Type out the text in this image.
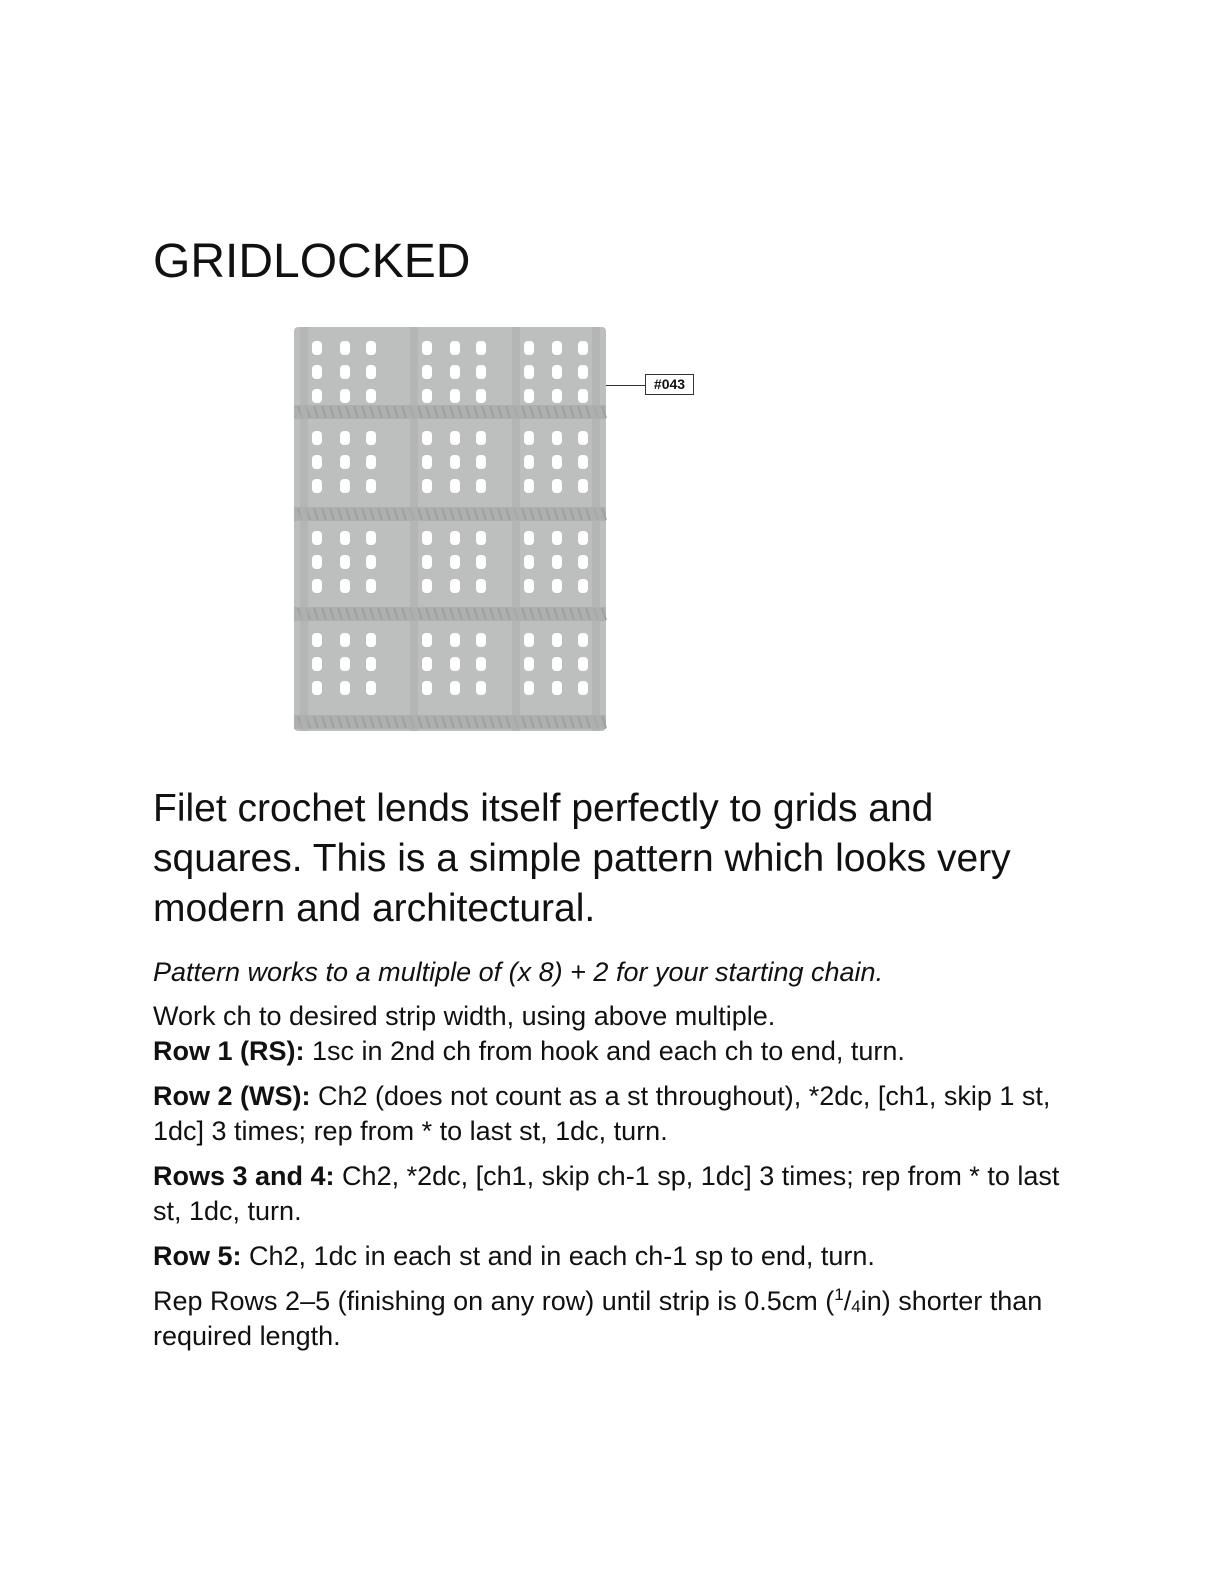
GRIDLOCKED
#043

Filet crochet lends itself perfectly to grids and squares. This is a simple pattern which looks very modern and architectural.

Pattern works to a multiple of (x 8) + 2 for your starting chain.

Work ch to desired strip width, using above multiple.

Row 1 (RS): 1sc in 2nd ch from hook and each ch to end, turn.

Row 2 (WS): Ch2 (does not count as a st throughout), *2dc, [ch1, skip 1 st, 1dc] 3 times; rep from * to last st, 1dc, turn.

Rows 3 and 4: Ch2, *2dc, [ch1, skip ch-1 sp, 1dc] 3 times; rep from * to last st, 1dc, turn.

Row 5: Ch2, 1dc in each st and in each ch-1 sp to end, turn.

Rep Rows 2–5 (finishing on any row) until strip is 0.5cm $(^1/_4in)$ shorter than required length.
